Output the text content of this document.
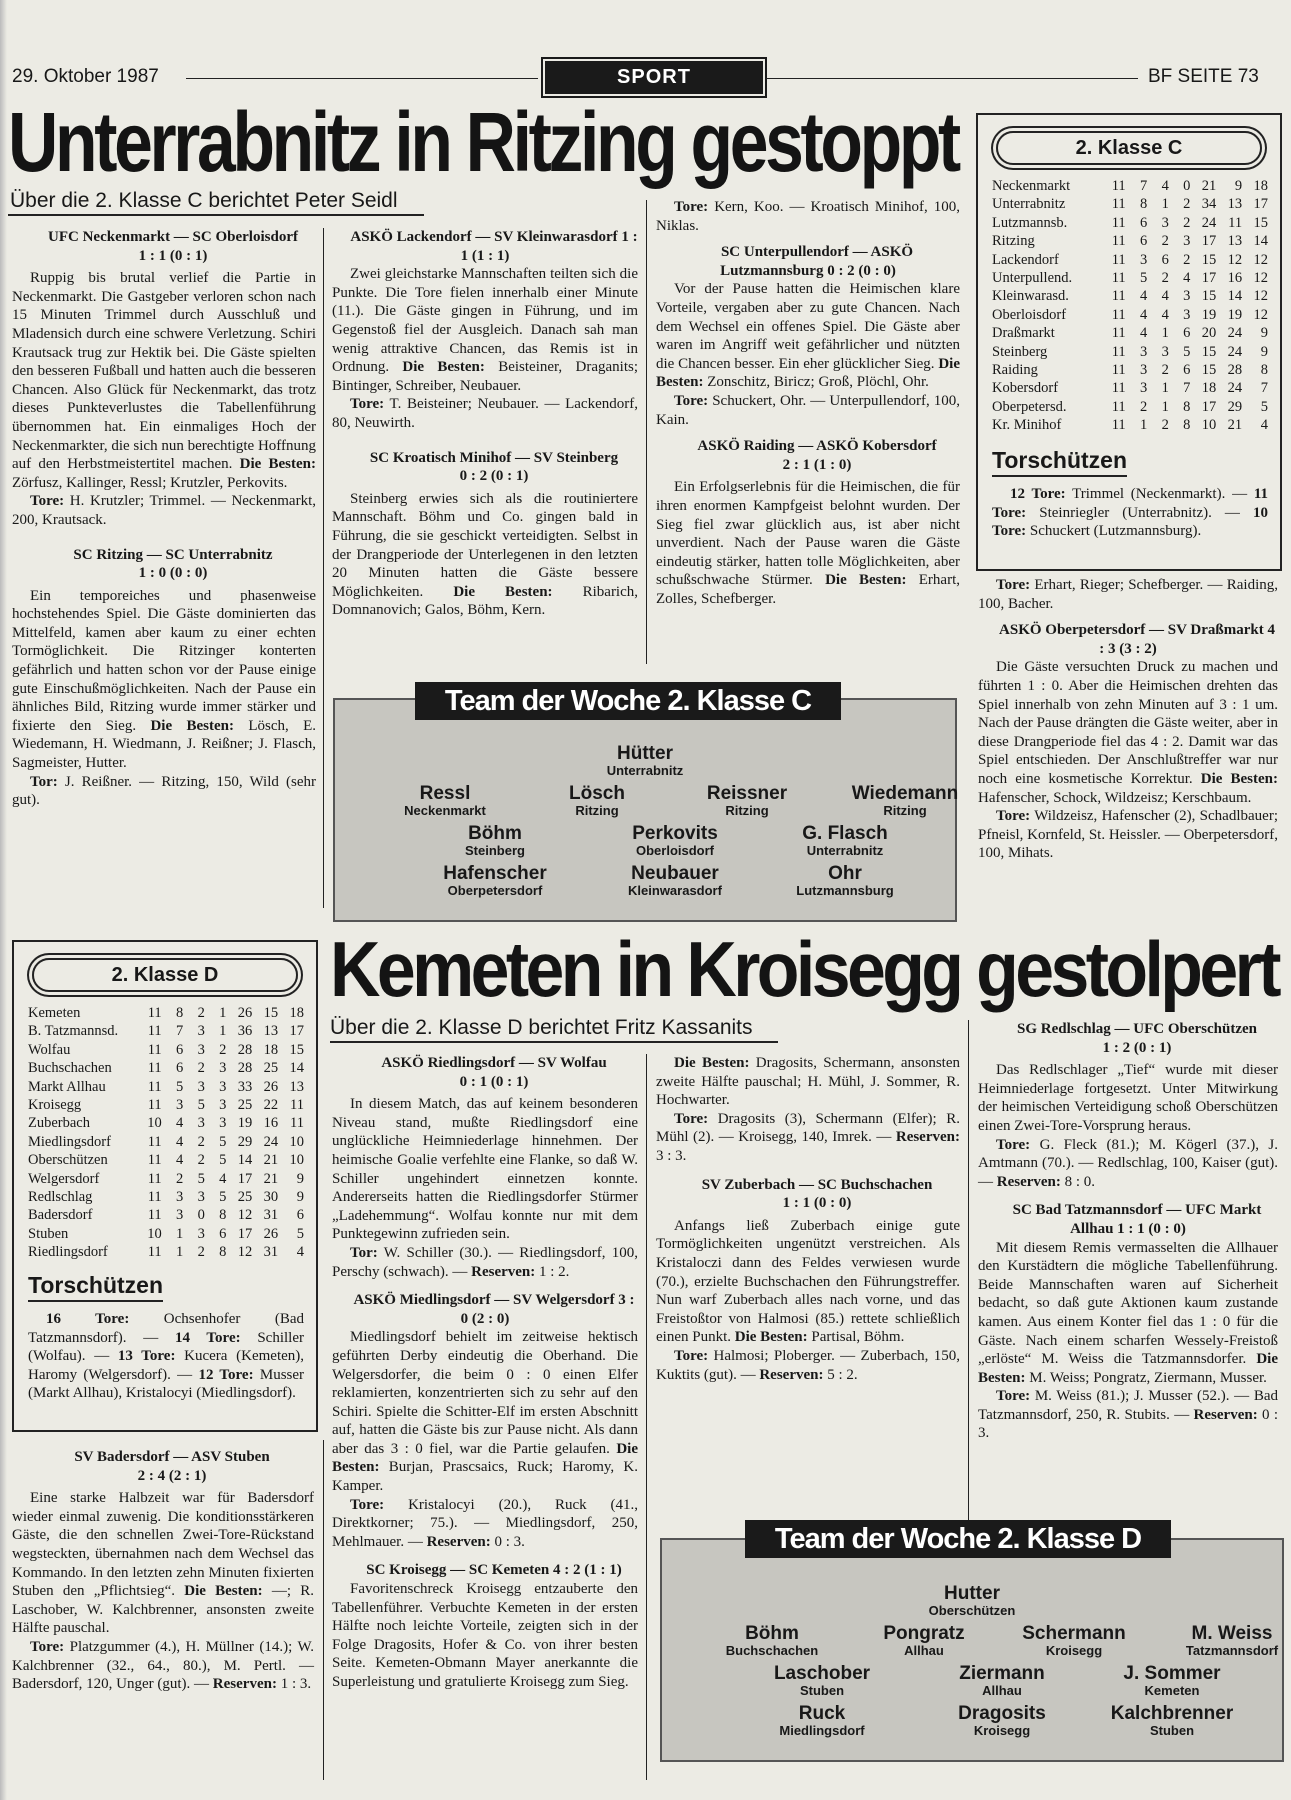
29. Oktober 1987	SPORT	BF SEITE 73
Unterrabnitz in Ritzing gestoppt
Über die 2. Klasse C berichtet Peter Seidl

UFC Neckenmarkt — SC Oberloisdorf

1 : 1 (0 : 1)

Ruppig bis brutal verlief die Partie in Neckenmarkt. Die Gastgeber verloren schon nach 15 Minuten Trimmel durch Ausschluß und Mladensich durch eine schwere Verletzung. Schiri Krautsack trug zur Hektik bei. Die Gäste spielten den besseren Fußball und hatten auch die besseren Chancen. Also Glück für Neckenmarkt, das trotz dieses Punkteverlustes die Tabellenführung übernommen hat. Ein einmaliges Hoch der Neckenmarkter, die sich nun berechtigte Hoffnung auf den Herbstmeistertitel machen. Die Besten: Zörfusz, Kallinger, Ressl; Krutzler, Perkovits.

Tore: H. Krutzler; Trimmel. — Neckenmarkt, 200, Krautsack.

SC Ritzing — SC Unterrabnitz

1 : 0 (0 : 0)

Ein temporeiches und phasenweise hochstehendes Spiel. Die Gäste dominierten das Mittelfeld, kamen aber kaum zu einer echten Tormöglichkeit. Die Ritzinger konterten gefährlich und hatten schon vor der Pause einige gute Einschußmöglichkeiten. Nach der Pause ein ähnliches Bild, Ritzing wurde immer stärker und fixierte den Sieg. Die Besten: Lösch, E. Wiedemann, H. Wiedmann, J. Reißner; J. Flasch, Sagmeister, Hutter.

Tor: J. Reißner. — Ritzing, 150, Wild (sehr gut).

ASKÖ Lackendorf — SV Kleinwarasdorf 1 : 1 (1 : 1)

Zwei gleichstarke Mannschaften teilten sich die Punkte. Die Tore fielen innerhalb einer Minute (11.). Die Gäste gingen in Führung, und im Gegenstoß fiel der Ausgleich. Danach sah man wenig attraktive Chancen, das Remis ist in Ordnung. Die Besten: Beisteiner, Draganits; Bintinger, Schreiber, Neubauer.

Tore: T. Beisteiner; Neubauer. — Lackendorf, 80, Neuwirth.

SC Kroatisch Minihof — SV Steinberg

0 : 2 (0 : 1)

Steinberg erwies sich als die routiniertere Mannschaft. Böhm und Co. gingen bald in Führung, die sie geschickt verteidigten. Selbst in der Drangperiode der Unterlegenen in den letzten 20 Minuten hatten die Gäste bessere Möglichkeiten. Die Besten: Ribarich, Domnanovich; Galos, Böhm, Kern.

Tore: Kern, Koo. — Kroatisch Minihof, 100, Niklas.

SC Unterpullendorf — ASKÖ Lutzmannsburg 0 : 2 (0 : 0)

Vor der Pause hatten die Heimischen klare Vorteile, vergaben aber zu gute Chancen. Nach dem Wechsel ein offenes Spiel. Die Gäste aber waren im Angriff weit gefährlicher und nützten die Chancen besser. Ein eher glücklicher Sieg. Die Besten: Zonschitz, Biricz; Groß, Plöchl, Ohr.

Tore: Schuckert, Ohr. — Unterpullendorf, 100, Kain.

ASKÖ Raiding — ASKÖ Kobersdorf

2 : 1 (1 : 0)

Ein Erfolgserlebnis für die Heimischen, die für ihren enormen Kampfgeist belohnt wurden. Der Sieg fiel zwar glücklich aus, ist aber nicht unverdient. Nach der Pause waren die Gäste eindeutig stärker, hatten tolle Möglichkeiten, aber schußschwache Stürmer. Die Besten: Erhart, Zolles, Schefberger.

2. Klasse C
Neckenmarkt	11	7	4	0	21	9	18
Unterrabnitz	11	8	1	2	34	13	17
Lutzmannsb.	11	6	3	2	24	11	15
Ritzing	11	6	2	3	17	13	14
Lackendorf	11	3	6	2	15	12	12
Unterpullend.	11	5	2	4	17	16	12
Kleinwarasd.	11	4	4	3	15	14	12
Oberloisdorf	11	4	4	3	19	19	12
Draßmarkt	11	4	1	6	20	24	9
Steinberg	11	3	3	5	15	24	9
Raiding	11	3	2	6	15	28	8
Kobersdorf	11	3	1	7	18	24	7
Oberpetersd.	11	2	1	8	17	29	5
Kr. Minihof	11	1	2	8	10	21	4
Torschützen

12 Tore: Trimmel (Neckenmarkt). — 11 Tore: Steinriegler (Unterrabnitz). — 10 Tore: Schuckert (Lutzmannsburg).

Tore: Erhart, Rieger; Schefberger. — Raiding, 100, Bacher.

ASKÖ Oberpetersdorf — SV Draßmarkt 4 : 3 (3 : 2)

Die Gäste versuchten Druck zu machen und führten 1 : 0. Aber die Heimischen drehten das Spiel innerhalb von zehn Minuten auf 3 : 1 um. Nach der Pause drängten die Gäste weiter, aber in diese Drangperiode fiel das 4 : 2. Damit war das Spiel entschieden. Der Anschlußtreffer war nur noch eine kosmetische Korrektur. Die Besten: Hafenscher, Schock, Wildzeisz; Kerschbaum.

Tore: Wildzeisz, Hafenscher (2), Schadlbauer; Pfneisl, Kornfeld, St. Heissler. — Oberpetersdorf, 100, Mihats.

Hütter
Unterrabnitz
Ressl
Neckenmarkt
Lösch
Ritzing
Reissner
Ritzing
Wiedemann
Ritzing
Böhm
Steinberg
Perkovits
Oberloisdorf
G. Flasch
Unterrabnitz
Hafenscher
Oberpetersdorf
Neubauer
Kleinwarasdorf
Ohr
Lutzmannsburg
Team der Woche 2. Klasse C
2. Klasse D
Kemeten	11	8	2	1	26	15	18
B. Tatzmannsd.	11	7	3	1	36	13	17
Wolfau	11	6	3	2	28	18	15
Buchschachen	11	6	2	3	28	25	14
Markt Allhau	11	5	3	3	33	26	13
Kroisegg	11	3	5	3	25	22	11
Zuberbach	10	4	3	3	19	16	11
Miedlingsdorf	11	4	2	5	29	24	10
Oberschützen	11	4	2	5	14	21	10
Welgersdorf	11	2	5	4	17	21	9
Redlschlag	11	3	3	5	25	30	9
Badersdorf	11	3	0	8	12	31	6
Stuben	10	1	3	6	17	26	5
Riedlingsdorf	11	1	2	8	12	31	4
Torschützen

16 Tore: Ochsenhofer (Bad Tatzmannsdorf). — 14 Tore: Schiller (Wolfau). — 13 Tore: Kucera (Kemeten), Haromy (Welgersdorf). — 12 Tore: Musser (Markt Allhau), Kristalocyi (Miedlingsdorf).

Kemeten in Kroisegg gestolpert
Über die 2. Klasse D berichtet Fritz Kassanits

SV Badersdorf — ASV Stuben

2 : 4 (2 : 1)

Eine starke Halbzeit war für Badersdorf wieder einmal zuwenig. Die konditionsstärkeren Gäste, die den schnellen Zwei-Tore-Rückstand wegsteckten, übernahmen nach dem Wechsel das Kommando. In den letzten zehn Minuten fixierten Stuben den „Pflichtsieg“. Die Besten: —; R. Laschober, W. Kalchbrenner, ansonsten zweite Hälfte pauschal.

Tore: Platzgummer (4.), H. Müllner (14.); W. Kalchbrenner (32., 64., 80.), M. Pertl. — Badersdorf, 120, Unger (gut). — Reserven: 1 : 3.

ASKÖ Riedlingsdorf — SV Wolfau

0 : 1 (0 : 1)

In diesem Match, das auf keinem besonderen Niveau stand, mußte Riedlingsdorf eine unglückliche Heimniederlage hinnehmen. Der heimische Goalie verfehlte eine Flanke, so daß W. Schiller ungehindert einnetzen konnte. Andererseits hatten die Riedlingsdorfer Stürmer „Ladehemmung“. Wolfau konnte nur mit dem Punktegewinn zufrieden sein.

Tor: W. Schiller (30.). — Riedlingsdorf, 100, Perschy (schwach). — Reserven: 1 : 2.

ASKÖ Miedlingsdorf — SV Welgersdorf 3 : 0 (2 : 0)

Miedlingsdorf behielt im zeitweise hektisch geführten Derby eindeutig die Oberhand. Die Welgersdorfer, die beim 0 : 0 einen Elfer reklamierten, konzentrierten sich zu sehr auf den Schiri. Spielte die Schitter-Elf im ersten Abschnitt auf, hatten die Gäste bis zur Pause nicht. Als dann aber das 3 : 0 fiel, war die Partie gelaufen. Die Besten: Burjan, Prascsaics, Ruck; Haromy, K. Kamper.

Tore: Kristalocyi (20.), Ruck (41., Direktkorner; 75.). — Miedlingsdorf, 250, Mehlmauer. — Reserven: 0 : 3.

SC Kroisegg — SC Kemeten 4 : 2 (1 : 1)

Favoritenschreck Kroisegg entzauberte den Tabellenführer. Verbuchte Kemeten in der ersten Hälfte noch leichte Vorteile, zeigten sich in der Folge Dragosits, Hofer & Co. von ihrer besten Seite. Kemeten-Obmann Mayer anerkannte die Superleistung und gratulierte Kroisegg zum Sieg.

Die Besten: Dragosits, Schermann, ansonsten zweite Hälfte pauschal; H. Mühl, J. Sommer, R. Hochwarter.

Tore: Dragosits (3), Schermann (Elfer); R. Mühl (2). — Kroisegg, 140, Imrek. — Reserven: 3 : 3.

SV Zuberbach — SC Buchschachen

1 : 1 (0 : 0)

Anfangs ließ Zuberbach einige gute Tormöglichkeiten ungenützt verstreichen. Als Kristaloczi dann des Feldes verwiesen wurde (70.), erzielte Buchschachen den Führungstreffer. Nun warf Zuberbach alles nach vorne, und das Freistoßtor von Halmosi (85.) rettete schließlich einen Punkt. Die Besten: Partisal, Böhm.

Tore: Halmosi; Ploberger. — Zuberbach, 150, Kuktits (gut). — Reserven: 5 : 2.

SG Redlschlag — UFC Oberschützen

1 : 2 (0 : 1)

Das Redlschlager „Tief“ wurde mit dieser Heimniederlage fortgesetzt. Unter Mitwirkung der heimischen Verteidigung schoß Oberschützen einen Zwei-Tore-Vorsprung heraus.

Tore: G. Fleck (81.); M. Kögerl (37.), J. Amtmann (70.). — Redlschlag, 100, Kaiser (gut). — Reserven: 8 : 0.

SC Bad Tatzmannsdorf — UFC Markt Allhau 1 : 1 (0 : 0)

Mit diesem Remis vermasselten die Allhauer den Kurstädtern die mögliche Tabellenführung. Beide Mannschaften waren auf Sicherheit bedacht, so daß gute Aktionen kaum zustande kamen. Aus einem Konter fiel das 1 : 0 für die Gäste. Nach einem scharfen Wessely-Freistoß „erlöste“ M. Weiss die Tatzmannsdorfer. Die Besten: M. Weiss; Pongratz, Ziermann, Musser.

Tore: M. Weiss (81.); J. Musser (52.). — Bad Tatzmannsdorf, 250, R. Stubits. — Reserven: 0 : 3.

Hutter
Oberschützen
Böhm
Buchschachen
Pongratz
Allhau
Schermann
Kroisegg
M. Weiss
Tatzmannsdorf
Laschober
Stuben
Ziermann
Allhau
J. Sommer
Kemeten
Ruck
Miedlingsdorf
Dragosits
Kroisegg
Kalchbrenner
Stuben
Team der Woche 2. Klasse D
